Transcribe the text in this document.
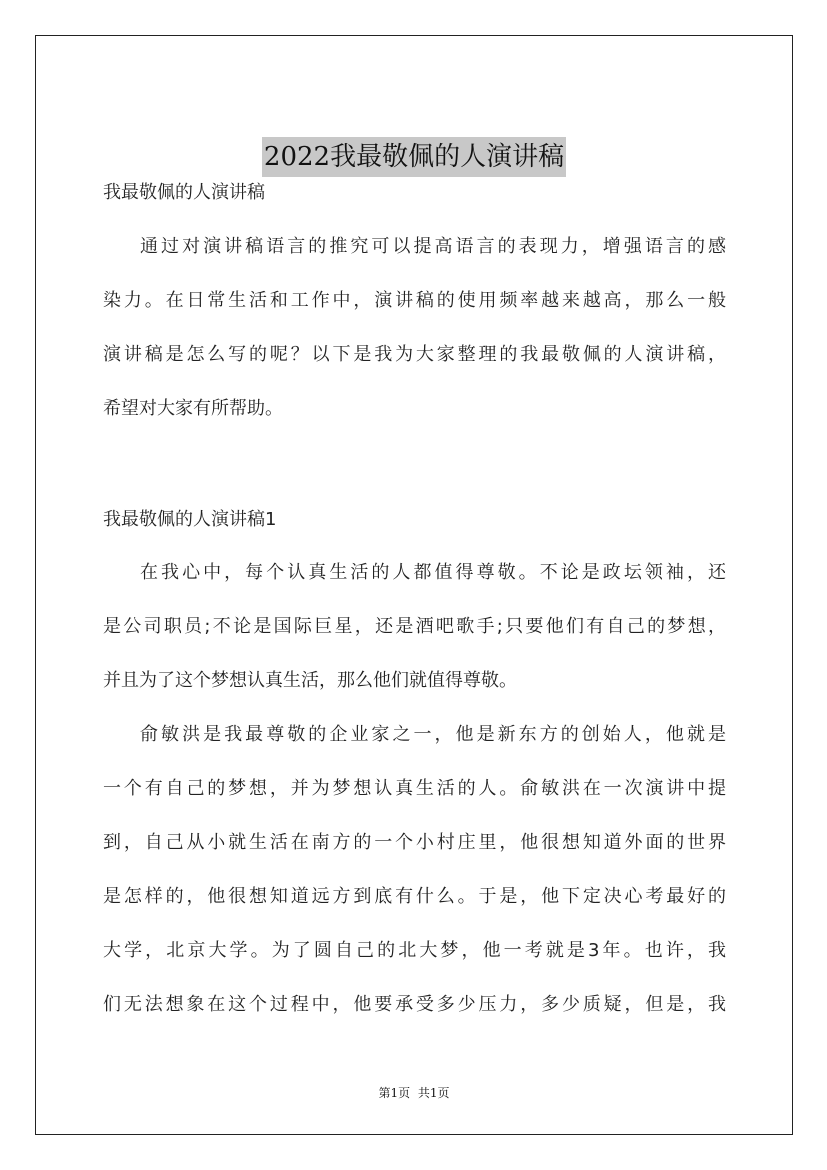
2022我最敬佩的人演讲稿
我最敬佩的人演讲稿
通过对演讲稿语言的推究可以提高语言的表现力，增强语言的感
染力。在日常生活和工作中，演讲稿的使用频率越来越高，那么一般
演讲稿是怎么写的呢？以下是我为大家整理的我最敬佩的人演讲稿，
希望对大家有所帮助。
我最敬佩的人演讲稿1
在我心中，每个认真生活的人都值得尊敬。不论是政坛领袖，还
是公司职员;不论是国际巨星，还是酒吧歌手;只要他们有自己的梦想，
并且为了这个梦想认真生活，那么他们就值得尊敬。
俞敏洪是我最尊敬的企业家之一，他是新东方的创始人，他就是
一个有自己的梦想，并为梦想认真生活的人。俞敏洪在一次演讲中提
到，自己从小就生活在南方的一个小村庄里，他很想知道外面的世界
是怎样的，他很想知道远方到底有什么。于是，他下定决心考最好的
大学，北京大学。为了圆自己的北大梦，他一考就是3年。也许，我
们无法想象在这个过程中，他要承受多少压力，多少质疑，但是，我
第1页 共1页
